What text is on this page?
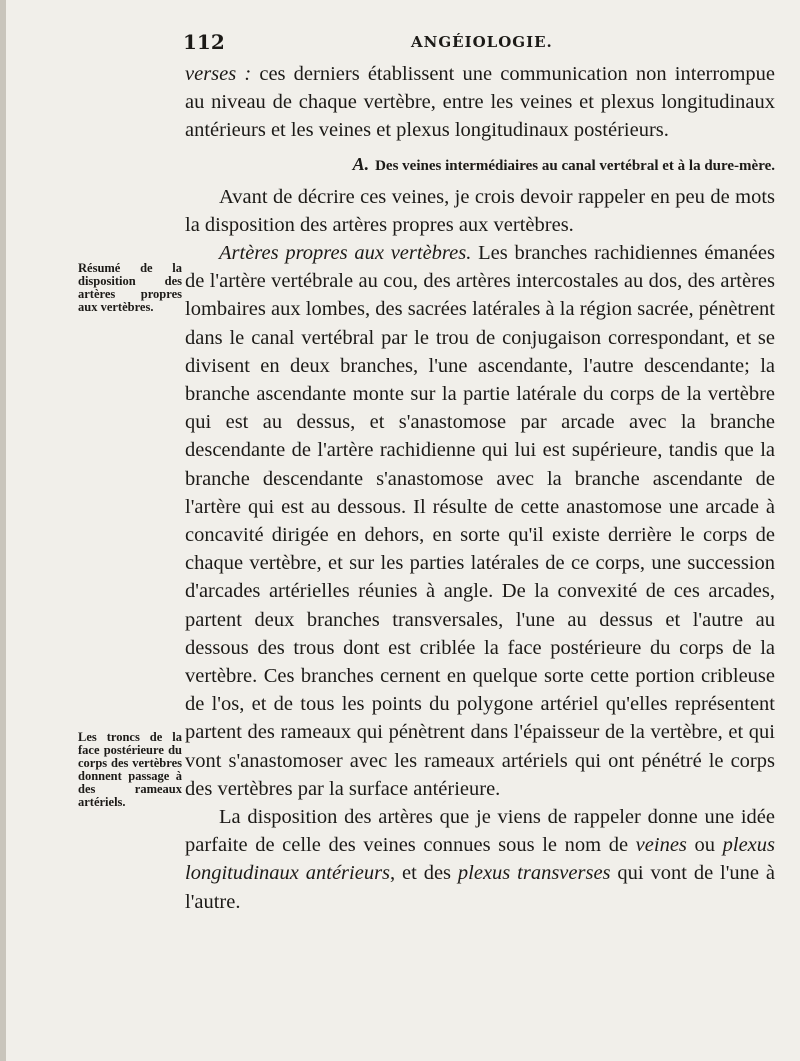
112	ANGÉIOLOGIE.
Résumé de la disposition des artères propres aux vertèbres.
Les troncs de la face postérieure du corps des vertèbres donnent passage à des rameaux artériels.

verses : ces derniers établissent une communication non interrompue au niveau de chaque vertèbre, entre les veines et plexus longitudinaux antérieurs et les veines et plexus longitudinaux postérieurs.

A. Des veines intermédiaires au canal vertébral et à la dure-mère.

Avant de décrire ces veines, je crois devoir rappeler en peu de mots la disposition des artères propres aux vertèbres.

Artères propres aux vertèbres. Les branches rachidiennes émanées de l'artère vertébrale au cou, des artères intercostales au dos, des artères lombaires aux lombes, des sacrées latérales à la région sacrée, pénètrent dans le canal vertébral par le trou de conjugaison correspondant, et se divisent en deux branches, l'une ascendante, l'autre descendante; la branche ascendante monte sur la partie latérale du corps de la vertèbre qui est au dessus, et s'anastomose par arcade avec la branche descendante de l'artère rachidienne qui lui est supérieure, tandis que la branche descendante s'anastomose avec la branche ascendante de l'artère qui est au dessous. Il résulte de cette anastomose une arcade à concavité dirigée en dehors, en sorte qu'il existe derrière le corps de chaque vertèbre, et sur les parties latérales de ce corps, une succession d'arcades artérielles réunies à angle. De la convexité de ces arcades, partent deux branches transversales, l'une au dessus et l'autre au dessous des trous dont est criblée la face postérieure du corps de la vertèbre. Ces branches cernent en quelque sorte cette portion cribleuse de l'os, et de tous les points du polygone artériel qu'elles représentent partent des rameaux qui pénètrent dans l'épaisseur de la vertèbre, et qui vont s'anastomoser avec les rameaux artériels qui ont pénétré le corps des vertèbres par la surface antérieure.

La disposition des artères que je viens de rappeler donne une idée parfaite de celle des veines connues sous le nom de veines ou plexus longitudinaux antérieurs, et des plexus transverses qui vont de l'une à l'autre.
